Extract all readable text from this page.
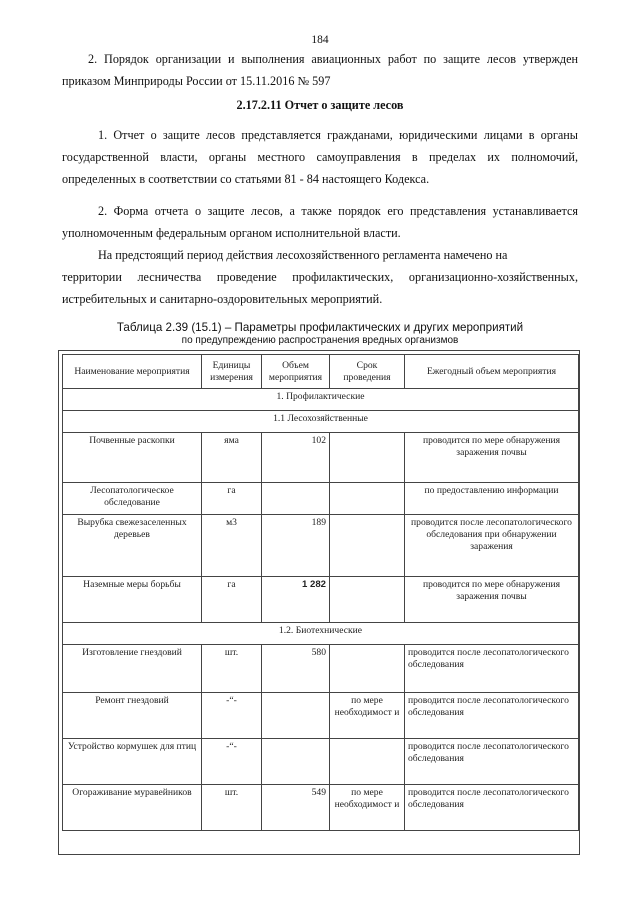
184
2. Порядок организации и выполнения авиационных работ по защите лесов утвержден
приказом Минприроды России от 15.11.2016 № 597
2.17.2.11 Отчет о защите лесов
1. Отчет о защите лесов представляется гражданами, юридическими лицами в органы
государственной власти, органы местного самоуправления в пределах их полномочий,
определенных в соответствии со статьями 81 - 84 настоящего Кодекса.
2. Форма отчета о защите лесов, а также порядок его представления устанавливается
уполномоченным федеральным органом исполнительной власти.
На предстоящий период действия лесохозяйственного регламента намечено на
территории лесничества проведение профилактических, организационно-хозяйственных,
истребительных и санитарно-оздоровительных мероприятий.
Таблица 2.39 (15.1) – Параметры профилактических и других мероприятий
по предупреждению распространения вредных организмов
Наименование мероприятия	Единицы измерения	Объем мероприятия	Срок проведения	Ежегодный объем мероприятия
1. Профилактические				
1.1 Лесохозяйственные				
Почвенные раскопки	яма	102		проводится по мере обнаружения заражения почвы
Лесопатологическое обследование	га			по предоставлению информации
Вырубка свежезаселенных деревьев	м3	189		проводится после лесопатологического обследования при обнаружении заражения
Наземные меры борьбы	га	1 282		проводится по мере обнаружения заражения почвы
1.2. Биотехнические				
Изготовление гнездовий	шт.	580		проводится после лесопатологического обследования
Ремонт гнездовий	-“-		по мере необходимост и	проводится после лесопатологического обследования
Устройство кормушек для птиц	-“-			проводится после лесопатологического обследования
Огораживание муравейников	шт.	549	по мере необходимост и	проводится после лесопатологического обследования
